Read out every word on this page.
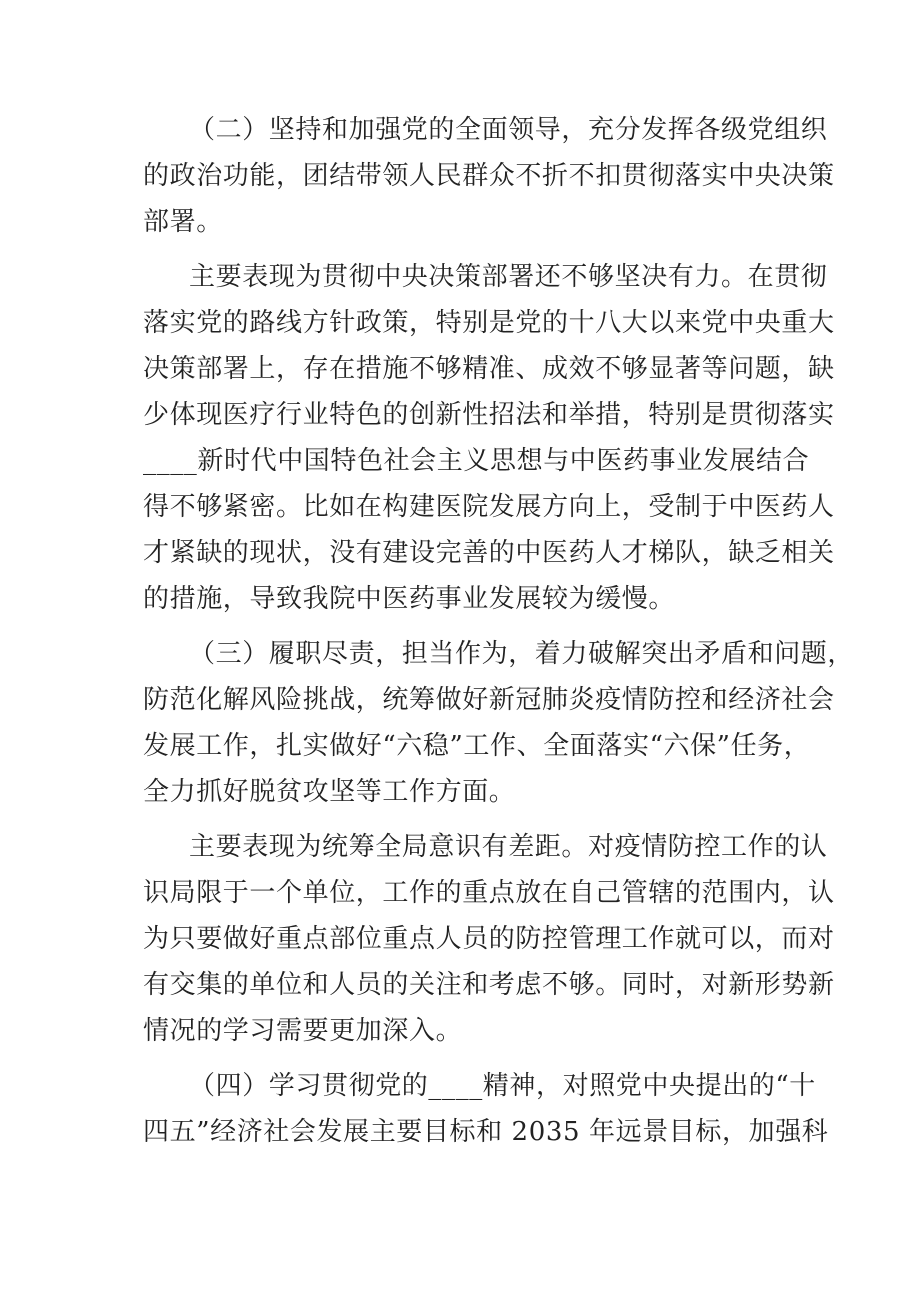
（二）坚持和加强党的全面领导，充分发挥各级党组织
的政治功能，团结带领人民群众不折不扣贯彻落实中央决策
部署。
主要表现为贯彻中央决策部署还不够坚决有力。在贯彻
落实党的路线方针政策，特别是党的十八大以来党中央重大
决策部署上，存在措施不够精准、成效不够显著等问题，缺
少体现医疗行业特色的创新性招法和举措，特别是贯彻落实
____新时代中国特色社会主义思想与中医药事业发展结合
得不够紧密。比如在构建医院发展方向上，受制于中医药人
才紧缺的现状，没有建设完善的中医药人才梯队，缺乏相关
的措施，导致我院中医药事业发展较为缓慢。
（三）履职尽责，担当作为，着力破解突出矛盾和问题，
防范化解风险挑战，统筹做好新冠肺炎疫情防控和经济社会
发展工作，扎实做好“六稳”工作、全面落实“六保”任务，
全力抓好脱贫攻坚等工作方面。
主要表现为统筹全局意识有差距。对疫情防控工作的认
识局限于一个单位，工作的重点放在自己管辖的范围内，认
为只要做好重点部位重点人员的防控管理工作就可以，而对
有交集的单位和人员的关注和考虑不够。同时，对新形势新
情况的学习需要更加深入。
（四）学习贯彻党的____精神，对照党中央提出的“十
四五”经济社会发展主要目标和 2035 年远景目标，加强科
